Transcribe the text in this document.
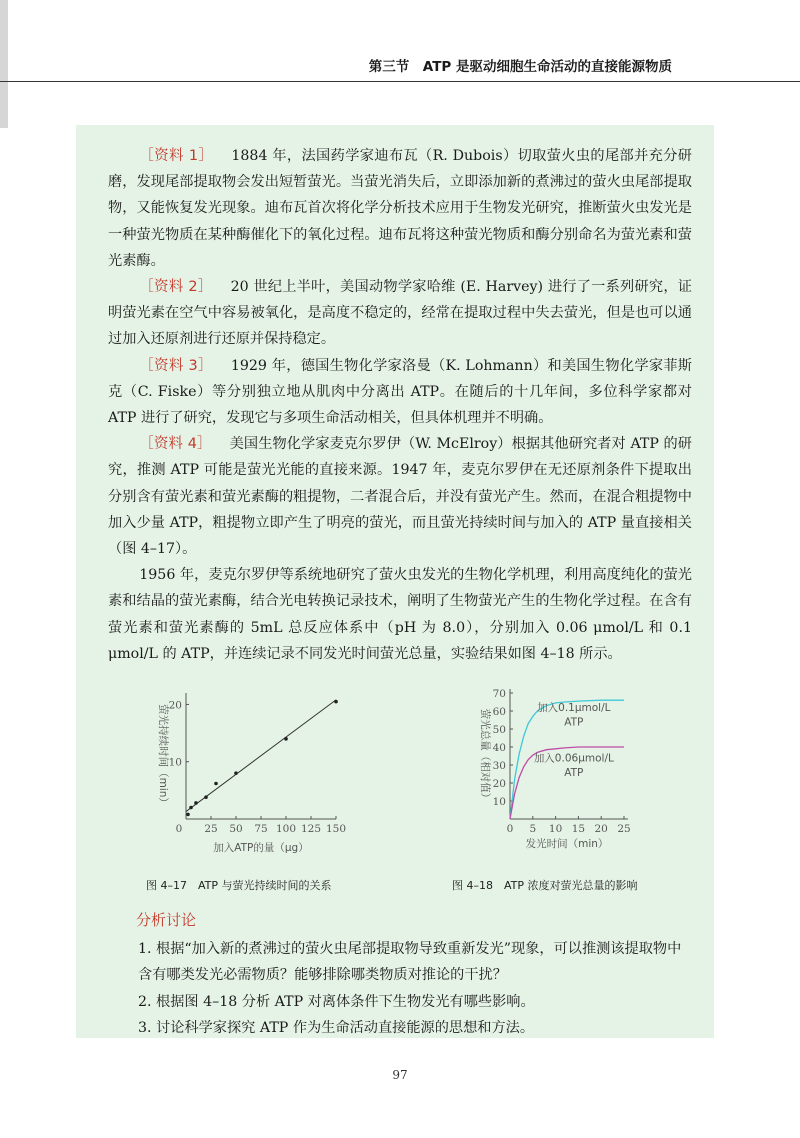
第三节　ATP 是驱动细胞生命活动的直接能源物质

［资料 1］ 1884 年，法国药学家迪布瓦（R. Dubois）切取萤火虫的尾部并充分研磨，发现尾部提取物会发出短暂萤光。当萤光消失后，立即添加新的煮沸过的萤火虫尾部提取物，又能恢复发光现象。迪布瓦首次将化学分析技术应用于生物发光研究，推断萤火虫发光是一种萤光物质在某种酶催化下的氧化过程。迪布瓦将这种萤光物质和酶分别命名为萤光素和萤光素酶。

［资料 2］ 20 世纪上半叶，美国动物学家哈维 (E. Harvey) 进行了一系列研究，证明萤光素在空气中容易被氧化，是高度不稳定的，经常在提取过程中失去萤光，但是也可以通过加入还原剂进行还原并保持稳定。

［资料 3］ 1929 年，德国生物化学家洛曼（K. Lohmann）和美国生物化学家菲斯克（C. Fiske）等分别独立地从肌肉中分离出 ATP。在随后的十几年间，多位科学家都对 ATP 进行了研究，发现它与多项生命活动相关，但具体机理并不明确。

［资料 4］ 美国生物化学家麦克尔罗伊（W. McElroy）根据其他研究者对 ATP 的研究，推测 ATP 可能是萤光光能的直接来源。1947 年，麦克尔罗伊在无还原剂条件下提取出分别含有萤光素和萤光素酶的粗提物，二者混合后，并没有萤光产生。然而，在混合粗提物中加入少量 ATP，粗提物立即产生了明亮的萤光，而且萤光持续时间与加入的 ATP 量直接相关（图 4–17）。

1956 年，麦克尔罗伊等系统地研究了萤火虫发光的生物化学机理，利用高度纯化的萤光素和结晶的萤光素酶，结合光电转换记录技术，阐明了生物萤光产生的生物化学过程。在含有萤光素和萤光素酶的 5mL 总反应体系中（pH 为 8.0），分别加入 0.06 μmol/L 和 0.1 μmol/L 的 ATP，并连续记录不同发光时间萤光总量，实验结果如图 4–18 所示。

25 50 75 100 125 150
10
20
0
加入ATP的量（μg）
萤光持续时间（min）
0 5 10 15 20 25
10
20
30
40
50
60
70
加入0.1μmol/L
ATP
加入0.06μmol/L
ATP
发光时间（min）
萤光总量（相对值）
图 4–17　ATP 与萤光持续时间的关系	图 4–18　ATP 浓度对萤光总量的影响
分析讨论

1. 根据“加入新的煮沸过的萤火虫尾部提取物导致重新发光”现象，可以推测该提取物中含有哪类发光必需物质？能够排除哪类物质对推论的干扰？

2. 根据图 4–18 分析 ATP 对离体条件下生物发光有哪些影响。

3. 讨论科学家探究 ATP 作为生命活动直接能源的思想和方法。

97
